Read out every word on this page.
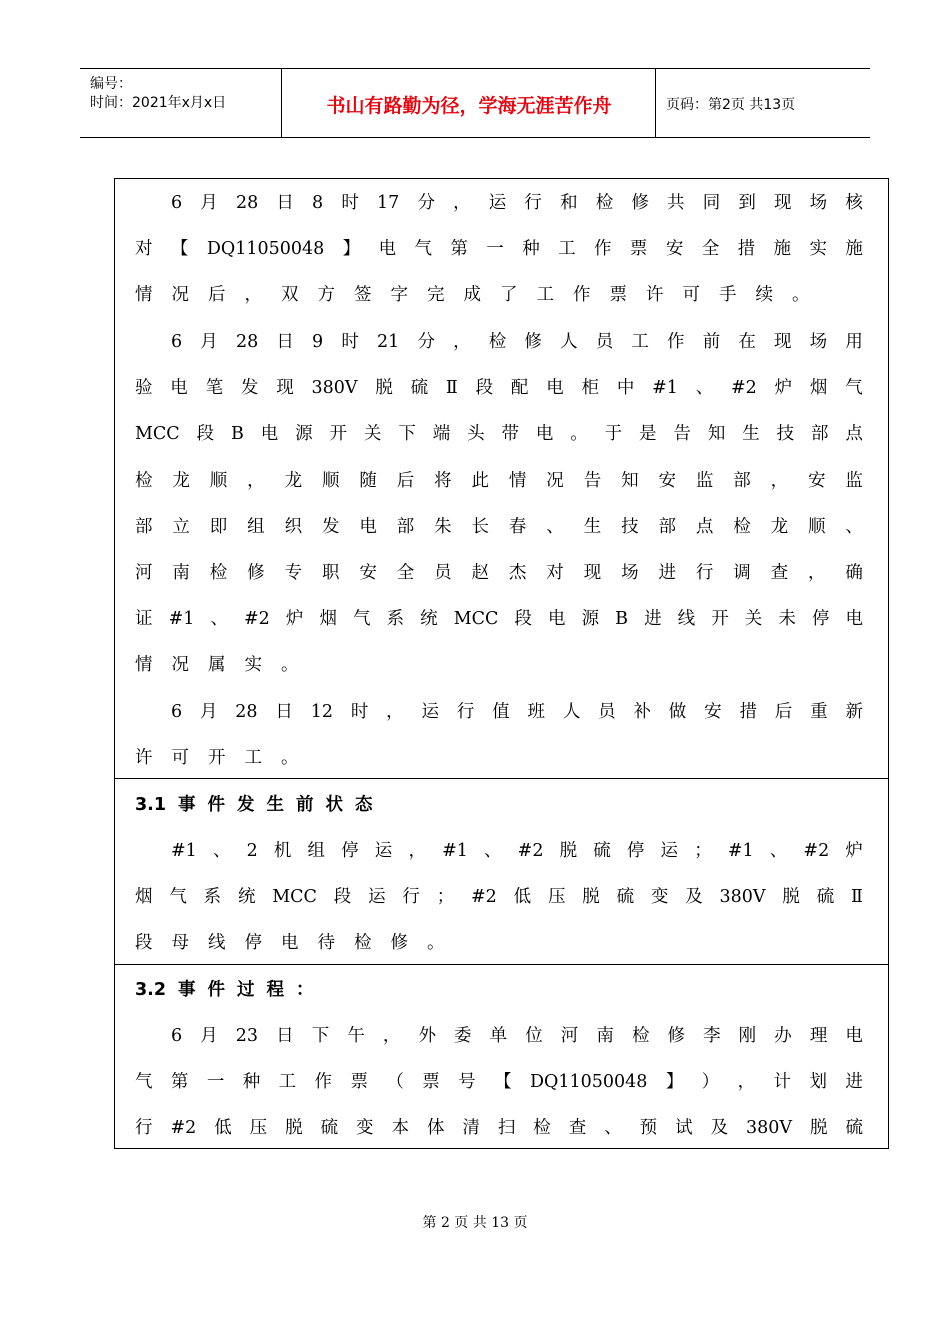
编号：
时间：2021年x月x日	书山有路勤为径，学海无涯苦作舟	页码：第2页 共13页
6 月 28 日 8 时 17 分 ， 运 行 和 检 修 共 同 到 现 场 核
对 【 DQ11050048 】 电 气 第 一 种 工 作 票 安 全 措 施 实 施
情 况 后 ， 双 方 签 字 完 成 了 工 作 票 许 可 手 续 。
6 月 28 日 9 时 21 分 ， 检 修 人 员 工 作 前 在 现 场 用
验 电 笔 发 现 380V 脱 硫 Ⅱ 段 配 电 柜 中 #1 、 #2 炉 烟 气
MCC 段 B 电 源 开 关 下 端 头 带 电 。 于 是 告 知 生 技 部 点
检 龙 顺 ， 龙 顺 随 后 将 此 情 况 告 知 安 监 部 ， 安 监
部 立 即 组 织 发 电 部 朱 长 春 、 生 技 部 点 检 龙 顺 、
河 南 检 修 专 职 安 全 员 赵 杰 对 现 场 进 行 调 查 ， 确
证 #1 、 #2 炉 烟 气 系 统 MCC 段 电 源 B 进 线 开 关 未 停 电
情 况 属 实 。
6 月 28 日 12 时 ， 运 行 值 班 人 员 补 做 安 措 后 重 新
许 可 开 工 。
3.1 事 件 发 生 前 状 态
#1 、 2 机 组 停 运 ， #1 、 #2 脱 硫 停 运 ； #1 、 #2 炉
烟 气 系 统 MCC 段 运 行 ； #2 低 压 脱 硫 变 及 380V 脱 硫 Ⅱ
段 母 线 停 电 待 检 修 。
3.2 事 件 过 程 ：
6 月 23 日 下 午 ， 外 委 单 位 河 南 检 修 李 刚 办 理 电
气 第 一 种 工 作 票 （ 票 号 【 DQ11050048 】 ） ， 计 划 进
行 #2 低 压 脱 硫 变 本 体 清 扫 检 查 、 预 试 及 380V 脱 硫
第 2 页 共 13 页
